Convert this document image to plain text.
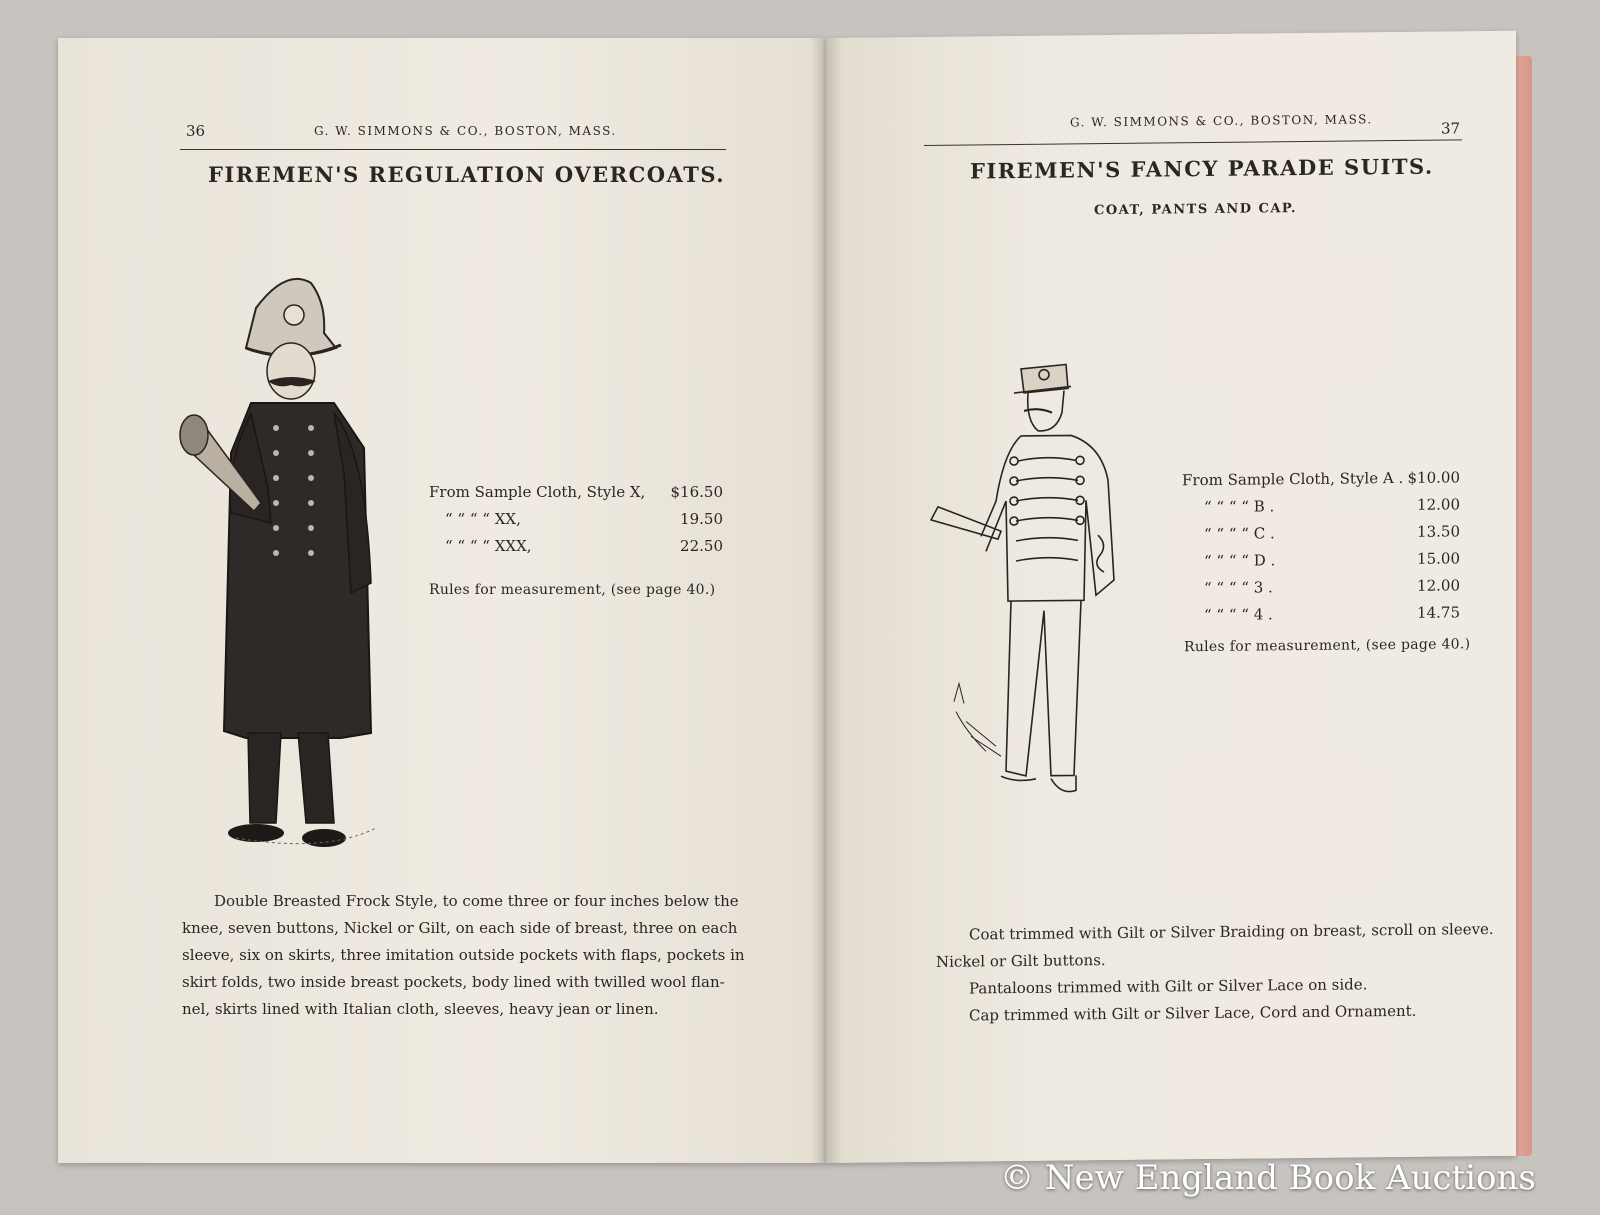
36	G. W. SIMMONS & CO., BOSTON, MASS.
FIREMEN'S REGULATION OVERCOATS.
From Sample Cloth, Style X,	$16.50
“ “ “ “ XX,	19.50
“ “ “ “ XXX,	22.50
Rules for measurement, (see page 40.)
Double Breasted Frock Style, to come three or four inches below the
knee, seven buttons, Nickel or Gilt, on each side of breast, three on each
sleeve, six on skirts, three imitation outside pockets with flaps, pockets in
skirt folds, two inside breast pockets, body lined with twilled wool flan-
nel, skirts lined with Italian cloth, sleeves, heavy jean or linen.
G. W. SIMMONS & CO., BOSTON, MASS.	37
FIREMEN'S FANCY PARADE SUITS.
COAT, PANTS AND CAP.
From Sample Cloth, Style A . $10.00
“ “ “ “ B .	12.00
“ “ “ “ C .	13.50
“ “ “ “ D .	15.00
“ “ “ “ 3 .	12.00
“ “ “ “ 4 .	14.75
Rules for measurement, (see page 40.)
Coat trimmed with Gilt or Silver Braiding on breast, scroll on sleeve.
Nickel or Gilt buttons.
Pantaloons trimmed with Gilt or Silver Lace on side.
Cap trimmed with Gilt or Silver Lace, Cord and Ornament.
© New England Book Auctions
